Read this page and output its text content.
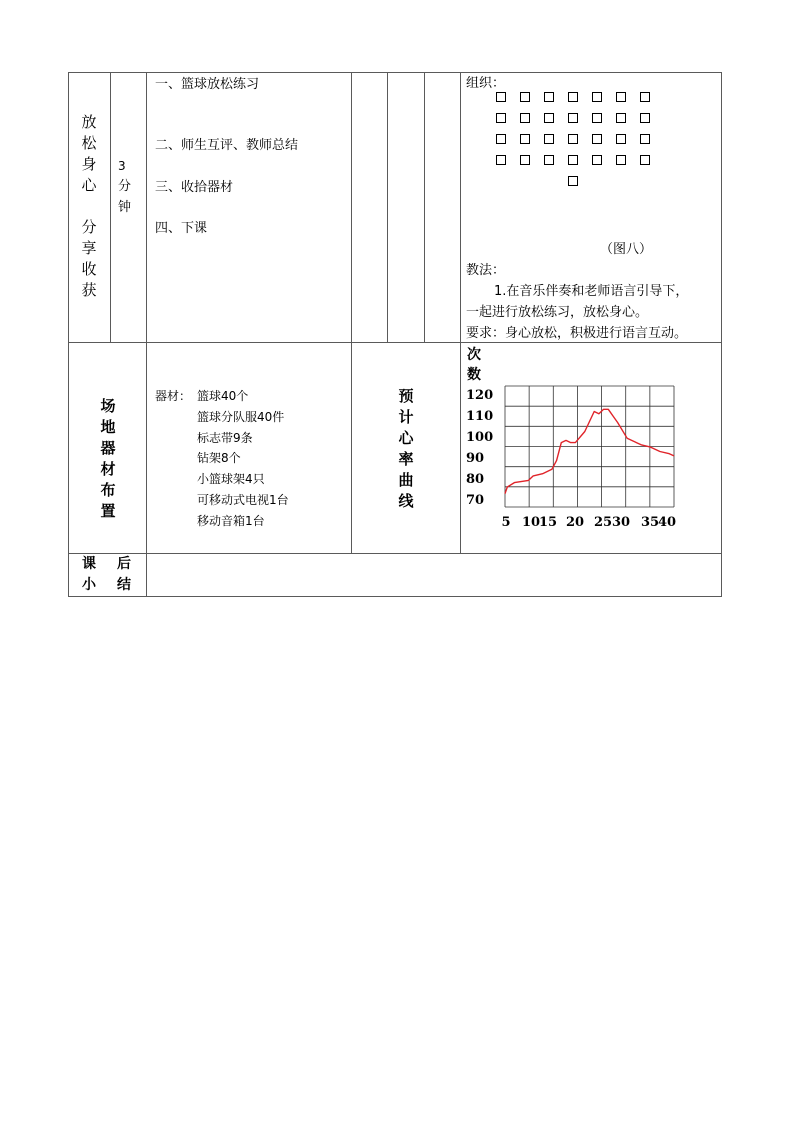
放
松
身
心
分
享
收
获
3
分
钟
一、篮球放松练习
二、师生互评、教师总结
三、收拾器材
四、下课
组织：
（图八）
教法：
1.在音乐伴奏和老师语言引导下，
一起进行放松练习，放松身心。
要求：身心放松，积极进行语言互动。
场
地
器
材
布
置
器材： 篮球40个
篮球分队服40件
标志带9条
钻架8个
小篮球架4只
可移动式电视1台
移动音箱1台
预
计
心
率
曲
线
次
数
120
110
100
90
80
70
5 10
15 20 25 30 35
40
课 后
小 结
